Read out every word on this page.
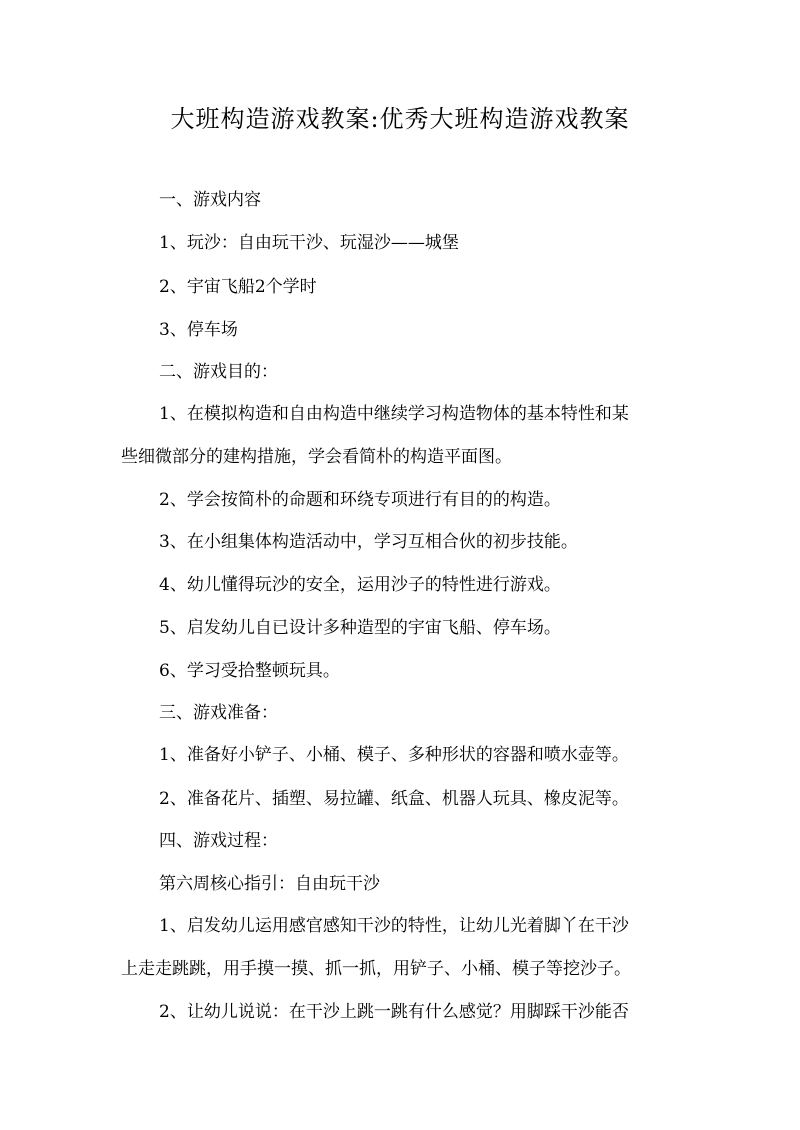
大班构造游戏教案:优秀大班构造游戏教案
一、游戏内容
1、玩沙：自由玩干沙、玩湿沙——城堡
2、宇宙飞船2个学时
3、停车场
二、游戏目的：
1、在模拟构造和自由构造中继续学习构造物体的基本特性和某
些细微部分的建构措施，学会看简朴的构造平面图。
2、学会按简朴的命题和环绕专项进行有目的的构造。
3、在小组集体构造活动中，学习互相合伙的初步技能。
4、幼儿懂得玩沙的安全，运用沙子的特性进行游戏。
5、启发幼儿自已设计多种造型的宇宙飞船、停车场。
6、学习受拾整顿玩具。
三、游戏准备：
1、准备好小铲子、小桶、模子、多种形状的容器和喷水壶等。
2、准备花片、插塑、易拉罐、纸盒、机器人玩具、橡皮泥等。
四、游戏过程：
第六周核心指引：自由玩干沙
1、启发幼儿运用感官感知干沙的特性，让幼儿光着脚丫在干沙
上走走跳跳，用手摸一摸、抓一抓，用铲子、小桶、模子等挖沙子。
2、让幼儿说说：在干沙上跳一跳有什么感觉？用脚踩干沙能否
